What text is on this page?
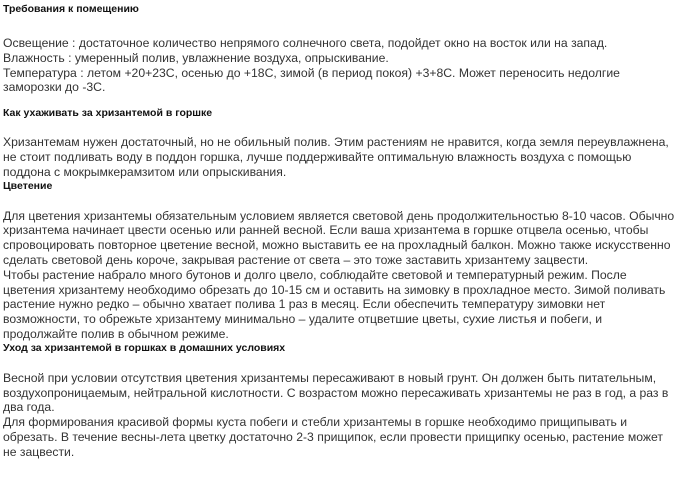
Требования к помещению

Освещение : достаточное количество непрямого солнечного света, подойдет окно на восток или на запад.

Влажность : умеренный полив, увлажнение воздуха, опрыскивание.

Температура : летом +20+23С, осенью до +18С, зимой (в период покоя) +3+8С. Может переносить недолгие заморозки до -3С.

Как ухаживать за хризантемой в горшке

Хризантемам нужен достаточный, но не обильный полив. Этим растениям не нравится, когда земля переувлажнена, не стоит подливать воду в поддон горшка, лучше поддерживайте оптимальную влажность воздуха с помощью поддона с мокрымкерамзитом или опрыскивания.

Цветение

Для цветения хризантемы обязательным условием является световой день продолжительностью 8-10 часов. Обычно хризантема начинает цвести осенью или ранней весной. Если ваша хризантема в горшке отцвела осенью, чтобы спровоцировать повторное цветение весной, можно выставить ее на прохладный балкон. Можно также искусственно сделать световой день короче, закрывая растение от света – это тоже заставить хризантему зацвести.

Чтобы растение набрало много бутонов и долго цвело, соблюдайте световой и температурный режим. После цветения хризантему необходимо обрезать до 10-15 см и оставить на зимовку в прохладное место. Зимой поливать растение нужно редко – обычно хватает полива 1 раз в месяц. Если обеспечить температуру зимовки нет возможности, то обрежьте хризантему минимально – удалите отцветшие цветы, сухие листья и побеги, и продолжайте полив в обычном режиме.

Уход за хризантемой в горшках в домашних условиях

Весной при условии отсутствия цветения хризантемы пересаживают в новый грунт. Он должен быть питательным, воздухопроницаемым, нейтральной кислотности. С возрастом можно пересаживать хризантемы не раз в год, а раз в два года.

Для формирования красивой формы куста побеги и стебли хризантемы в горшке необходимо прищипывать и обрезать. В течение весны-лета цветку достаточно 2-3 прищипок, если провести прищипку осенью, растение может не зацвести.
